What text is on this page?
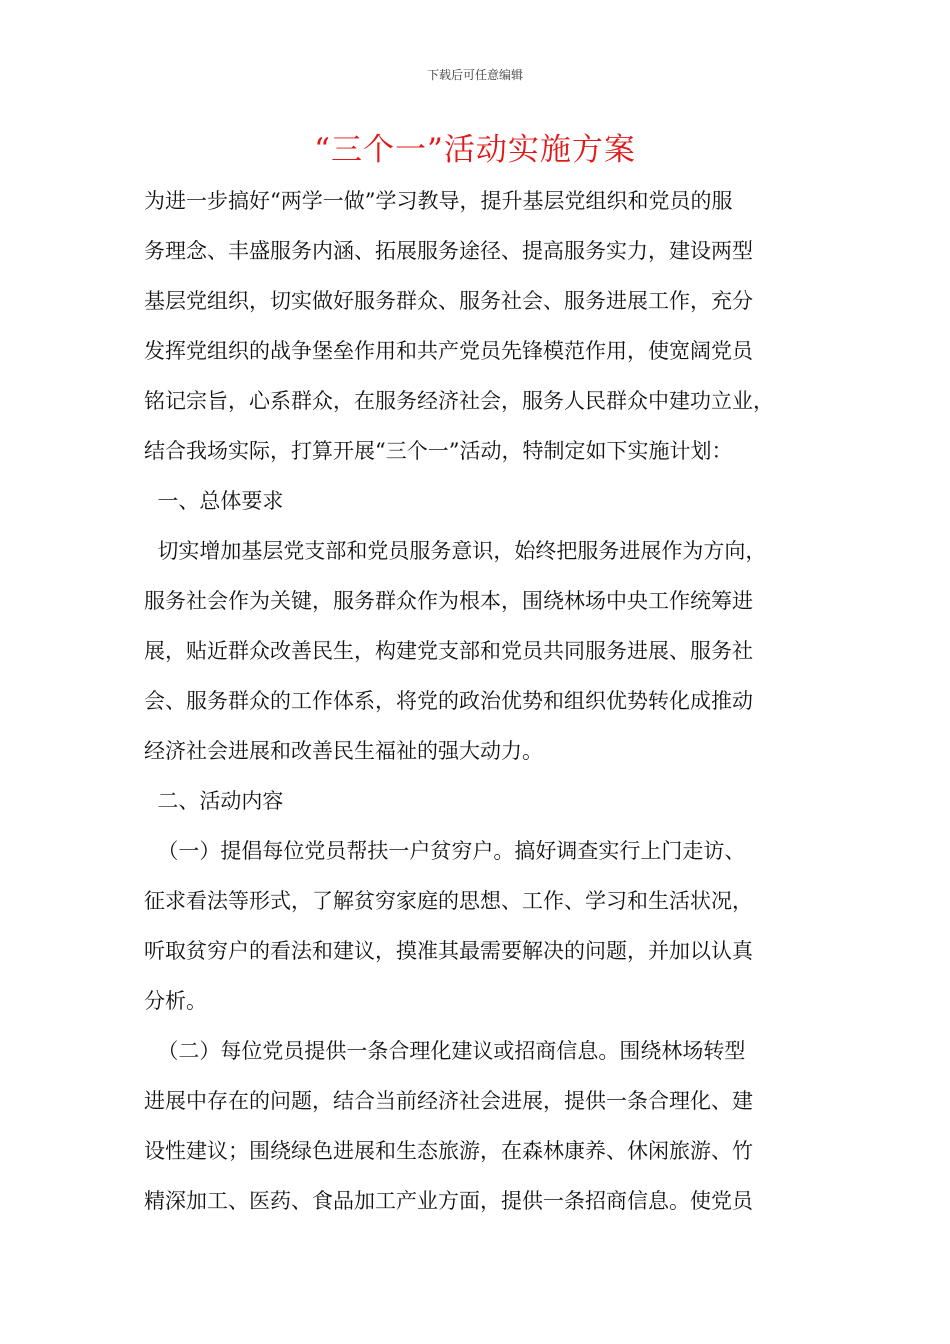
下载后可任意编辑
“三个一”活动实施方案
为进一步搞好“两学一做”学习教导，提升基层党组织和党员的服
务理念、丰盛服务内涵、拓展服务途径、提高服务实力，建设两型
基层党组织，切实做好服务群众、服务社会、服务进展工作，充分
发挥党组织的战争堡垒作用和共产党员先锋模范作用，使宽阔党员
铭记宗旨，心系群众，在服务经济社会，服务人民群众中建功立业，
结合我场实际，打算开展“三个一”活动，特制定如下实施计划：
一、总体要求
切实增加基层党支部和党员服务意识，始终把服务进展作为方向，
服务社会作为关键，服务群众作为根本，围绕林场中央工作统筹进
展，贴近群众改善民生，构建党支部和党员共同服务进展、服务社
会、服务群众的工作体系，将党的政治优势和组织优势转化成推动
经济社会进展和改善民生福祉的强大动力。
二、活动内容
（一）提倡每位党员帮扶一户贫穷户。搞好调查实行上门走访、
征求看法等形式，了解贫穷家庭的思想、工作、学习和生活状况，
听取贫穷户的看法和建议，摸准其最需要解决的问题，并加以认真
分析。
（二）每位党员提供一条合理化建议或招商信息。围绕林场转型
进展中存在的问题，结合当前经济社会进展，提供一条合理化、建
设性建议；围绕绿色进展和生态旅游，在森林康养、休闲旅游、竹
精深加工、医药、食品加工产业方面，提供一条招商信息。使党员
